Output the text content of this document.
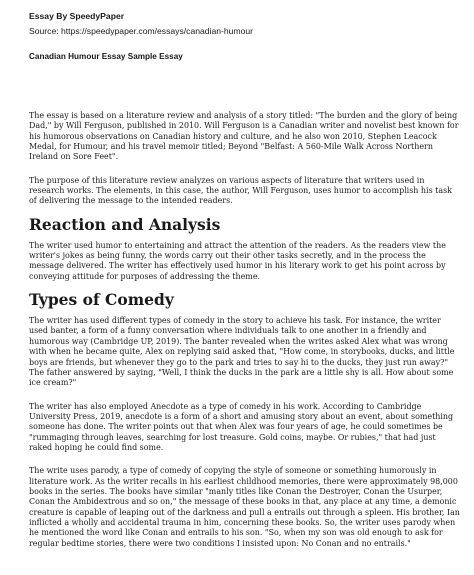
Essay By SpeedyPaper
Source: https://speedypaper.com/essays/canadian-humour
Canadian Humour Essay Sample Essay

The essay is based on a literature review and analysis of a story titled: "The burden and the glory of being Dad," by Will Ferguson, published in 2010. Will Ferguson is a Canadian writer and novelist best known for his humorous observations on Canadian history and culture, and he also won 2010, Stephen Leacock Medal, for Humour, and his travel memoir titled; Beyond "Belfast: A 560-Mile Walk Across Northern Ireland on Sore Feet".

The purpose of this literature review analyzes on various aspects of literature that writers used in research works. The elements, in this case, the author, Will Ferguson, uses humor to accomplish his task of delivering the message to the intended readers.

Reaction and Analysis

The writer used humor to entertaining and attract the attention of the readers. As the readers view the writer's jokes as being funny, the words carry out their other tasks secretly, and in the process the message delivered. The writer has effectively used humor in his literary work to get his point across by conveying attitude for purposes of addressing the theme.

Types of Comedy

The writer has used different types of comedy in the story to achieve his task. For instance, the writer used banter, a form of a funny conversation where individuals talk to one another in a friendly and humorous way (Cambridge UP, 2019). The banter revealed when the writes asked Alex what was wrong with when he became quite, Alex on replying said asked that, "How come, in storybooks, ducks, and little boys are friends, but whenever they go to the park and tries to say hi to the ducks, they just run away?" The father answered by saying, "Well, I think the ducks in the park are a little shy is all. How about some ice cream?"

The writer has also employed Anecdote as a type of comedy in his work. According to Cambridge University Press, 2019, anecdote is a form of a short and amusing story about an event, about something someone has done. The writer points out that when Alex was four years of age, he could sometimes be "rummaging through leaves, searching for lost treasure. Gold coins, maybe. Or rubies," that had just raked hoping he could find some.

The write uses parody, a type of comedy of copying the style of someone or something humorously in literature work. As the writer recalls in his earliest childhood memories, there were approximately 98,000 books in the series. The books have similar "manly titles like Conan the Destroyer, Conan the Usurper, Conan the Ambidextrous and so on," the message of these books in that, any place at any time, a demonic creature is capable of leaping out of the darkness and pull a entrails out through a spleen. His brother, Ian inflicted a wholly and accidental trauma in him, concerning these books. So, the writer uses parody when he mentioned the word like Conan and entrails to his son. "So, when my son was old enough to ask for regular bedtime stories, there were two conditions I insisted upon: No Conan and no entrails."
